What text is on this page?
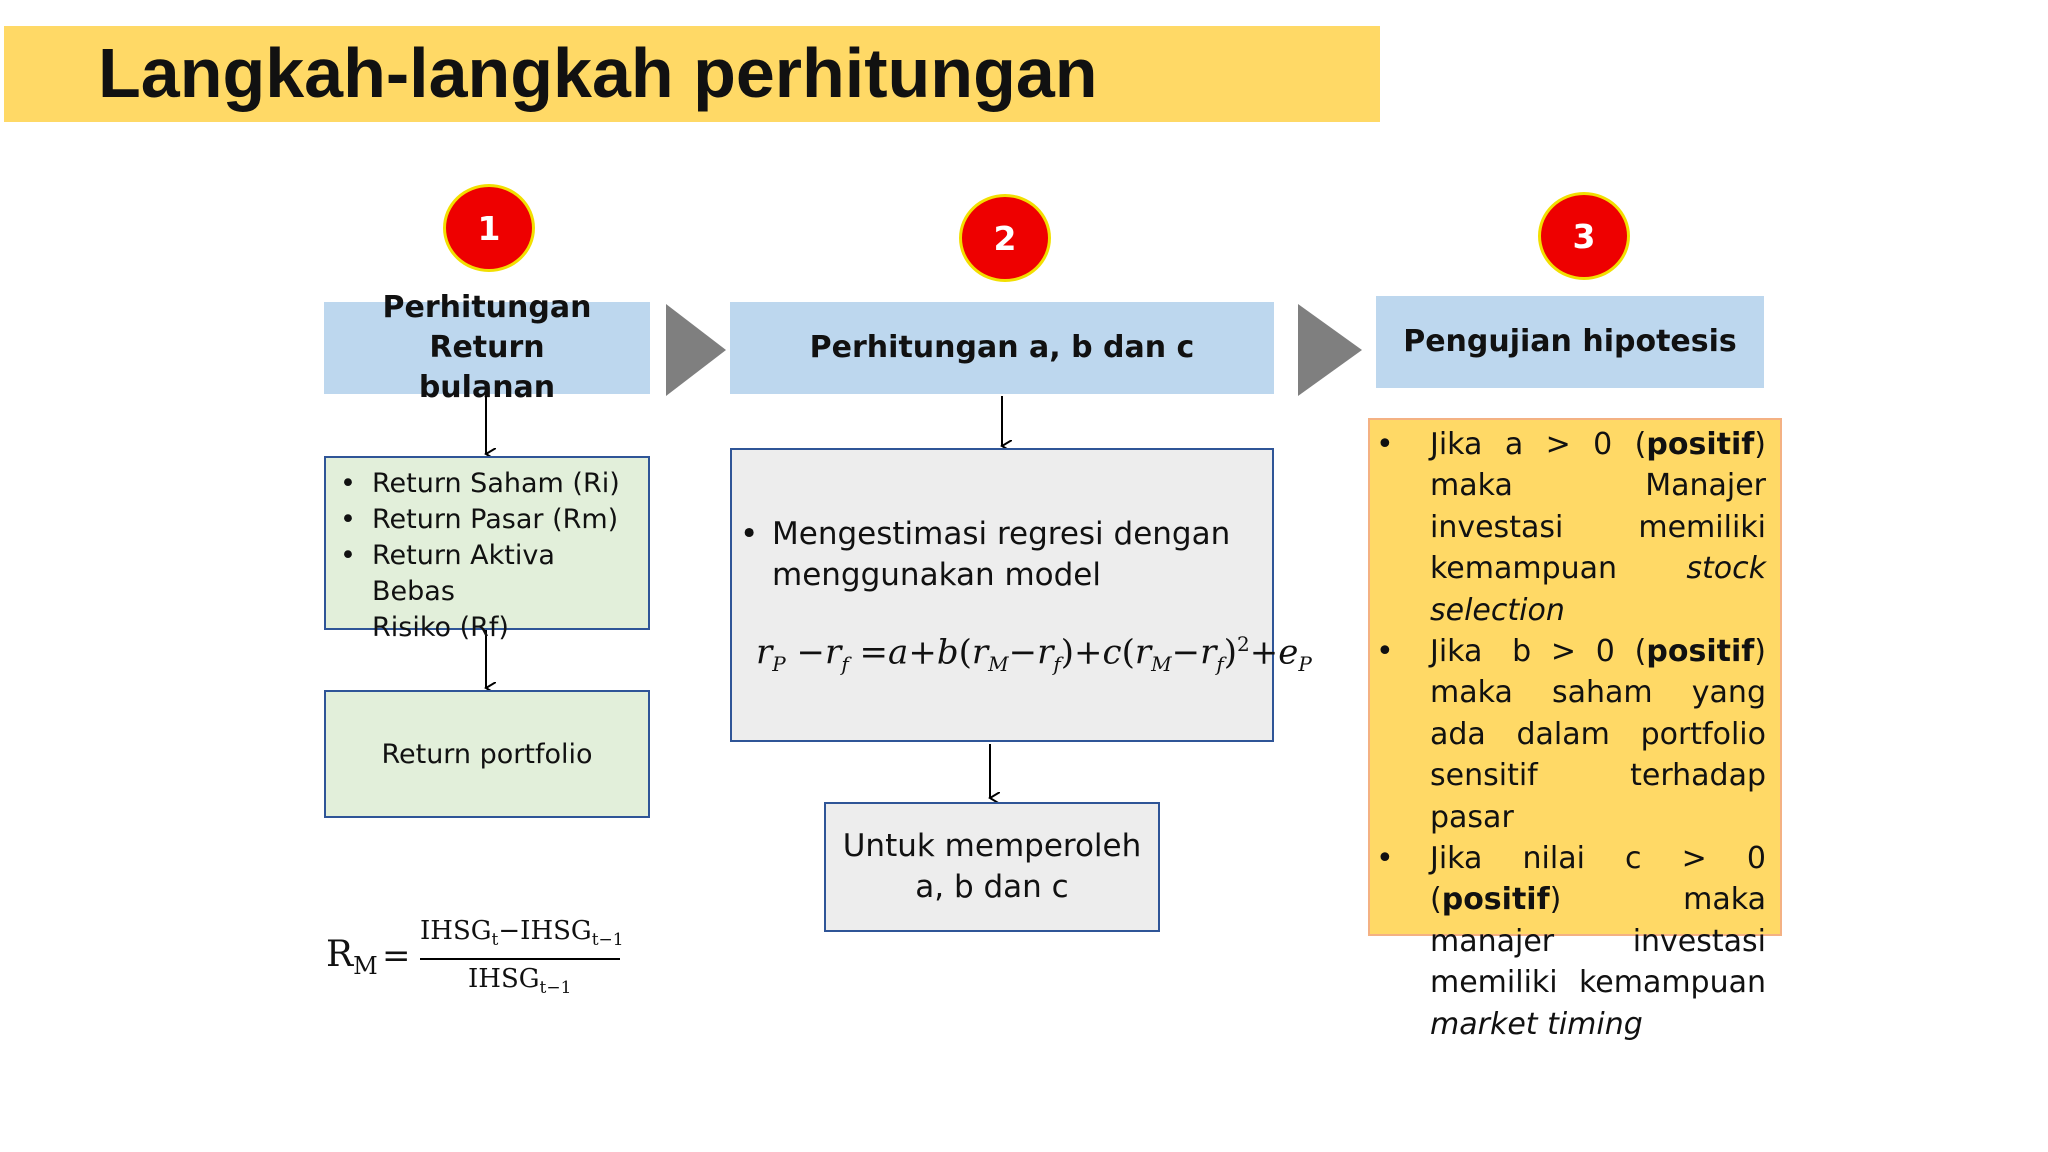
Langkah-langkah perhitungan
1	2	3
Perhitungan Return
bulanan
Perhitungan a, b dan c	Pengujian hipotesis
• Return Saham (Ri)
• Return Pasar (Rm)
• Return Aktiva Bebas
Risiko (Rf)
Return portfolio
$R_M$ =
$IHSG_t-IHSG_{t-1}$
$IHSG_{t-1}$
• Mengestimasi regresi dengan
menggunakan model
$r_P -r_f =a+b(r_M-r_f)+c(r_M-r_f)^2+e_P$
Untuk memperoleh
a, b dan c
• Jika a > 0 (positif) maka	Manajer investasi	memiliki kemampuan stock selection
• Jika b > 0 (positif) maka saham yang ada dalam portfolio sensitif terhadap pasar
• Jika nilai c > 0 (positif)	maka manajer investasi memiliki kemampuan market timing
